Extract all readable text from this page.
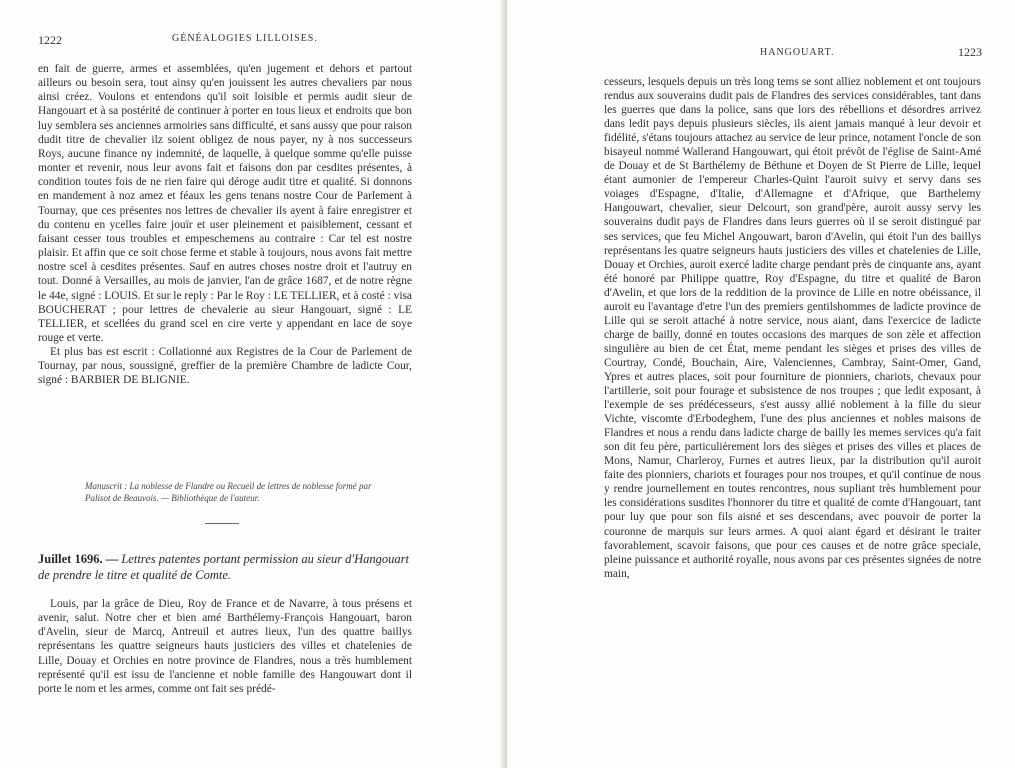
1222	GÉNÉALOGIES LILLOISES.

en fait de guerre, armes et assemblées, qu'en jugement et dehors et partout ailleurs ou besoin sera, tout ainsy qu'en jouissent les autres chevaliers par nous ainsi créez. Voulons et entendons qu'il soit loisible et permis audit sieur de Hangouart et à sa postérité de continuer à porter en tous lieux et endroits que bon luy semblera ses anciennes armoiries sans difficulté, et sans aussy que pour raison dudit titre de chevalier ilz soient obligez de nous payer, ny à nos successeurs Roys, aucune finance ny indemnité, de laquelle, à quelque somme qu'elle puisse monter et revenir, nous leur avons fait et faisons don par cesdites présentes, à condition toutes fois de ne rien faire qui déroge audit titre et qualité. Si donnons en mandement à noz amez et féaux les gens tenans nostre Cour de Parlement à Tournay, que ces présentes nos lettres de chevalier ils ayent à faire enregistrer et du contenu en ycelles faire jouïr et user pleinement et paisiblement, cessant et faisant cesser tous troubles et empeschemens au contraire : Car tel est nostre plaisir. Et affin que ce soit chose ferme et stable à toujours, nous avons fait mettre nostre scel à cesdites présentes. Sauf en autres choses nostre droit et l'autruy en tout. Donné à Versailles, au mois de janvier, l'an de grâce 1687, et de notre règne le 44e, signé : LOUIS. Et sur le reply : Par le Roy : LE TELLIER, et à costé : visa BOUCHERAT ; pour lettres de chevalerie au sieur Hangouart, signé : LE TELLIER, et scellées du grand scel en cire verte y appendant en lace de soye rouge et verte.

Et plus bas est escrit : Collationné aux Registres de la Cour de Parlement de Tournay, par nous, soussigné, greffier de la première Chambre de ladicte Cour, signé : BARBIER DE BLIGNIE.

Manuscrit : La noblesse de Flandre ou Recueil de lettres de noblesse formé par Palisot de Beauvois. — Bibliothèque de l'auteur.
Juillet 1696. — Lettres patentes portant permission au sieur d'Hangouart de prendre le titre et qualité de Comte.

Louis, par la grâce de Dieu, Roy de France et de Navarre, à tous présens et avenir, salut. Notre cher et bien amé Barthélemy-François Hangouart, baron d'Avelin, sieur de Marcq, Antreuil et autres lieux, l'un des quattre baillys représentans les quattre seigneurs hauts justiciers des villes et chatelenies de Lille, Douay et Orchies en notre province de Flandres, nous a très humblement représenté qu'il est issu de l'ancienne et noble famille des Hangouwart dont il porte le nom et les armes, comme ont fait ses prédé-

HANGOUART.	1223

cesseurs, lesquels depuis un très long tems se sont alliez noblement et ont toujours rendus aux souverains dudit pais de Flandres des services considérables, tant dans les guerres que dans la police, sans que lors des rébellions et désordres arrivez dans ledit pays depuis plusieurs siècles, ils aient jamais manqué à leur devoir et fidélité, s'étans toujours attachez au service de leur prince, notament l'oncle de son bisayeul nommé Wallerand Hangouwart, qui étoit prévôt de l'église de Saint-Amé de Douay et de St Barthélemy de Béthune et Doyen de St Pierre de Lille, lequel étant aumonier de l'empereur Charles-Quint l'auroit suivy et servy dans ses voiages d'Espagne, d'Italie, d'Allemagne et d'Afrique, que Barthelemy Hangouwart, chevalier, sieur Delcourt, son grand'père, auroit aussy servy les souverains dudit pays de Flandres dans leurs guerres où il se seroit distingué par ses services, que feu Michel Angouwart, baron d'Avelin, qui étoit l'un des baillys représentans les quatre seigneurs hauts justiciers des villes et chatelenies de Lille, Douay et Orchies, auroit exercé ladite charge pendant près de cinquante ans, ayant été honoré par Philippe quattre, Roy d'Espagne, du titre et qualité de Baron d'Avelin, et que lors de la reddition de la province de Lille en notre obéissance, il auroit eu l'avantage d'etre l'un des premiers gentilshommes de ladicte province de Lille qui se seroit attaché à notre service, nous aiant, dans l'exercice de ladicte charge de bailly, donné en toutes occasions des marques de son zèle et affection singulière au bien de cet État, meme pendant les sièges et prises des villes de Courtray, Condé, Bouchain, Aire, Valenciennes, Cambray, Saint-Omer, Gand, Ypres et autres places, soit pour fourniture de pionniers, chariots, chevaux pour l'artillerie, soit pour fourage et subsistence de nos troupes ; que ledit exposant, à l'exemple de ses prédécesseurs, s'est aussy allié noblement à la fille du sieur Vichte, viscomte d'Erbodeghem, l'une des plus anciennes et nobles maisons de Flandres et nous a rendu dans ladicte charge de bailly les memes services qu'a fait son dit feu père, particulièrement lors des sièges et prises des villes et places de Mons, Namur, Charleroy, Furnes et autres lieux, par la distribution qu'il auroit faite des pionniers, chariots et fourages pour nos troupes, et qu'il continue de nous y rendre journellement en toutes rencontres, nous supliant très humblement pour les considérations susdites l'honnorer du titre et qualité de comte d'Hangouart, tant pour luy que pour son fils aisné et ses descendans, avec pouvoir de porter la couronne de marquis sur leurs armes. A quoi aiant égard et désirant le traiter favorablement, scavoir faisons, que pour ces causes et de notre grâce speciale, pleine puissance et authorité royalle, nous avons par ces présentes signées de notre main,
